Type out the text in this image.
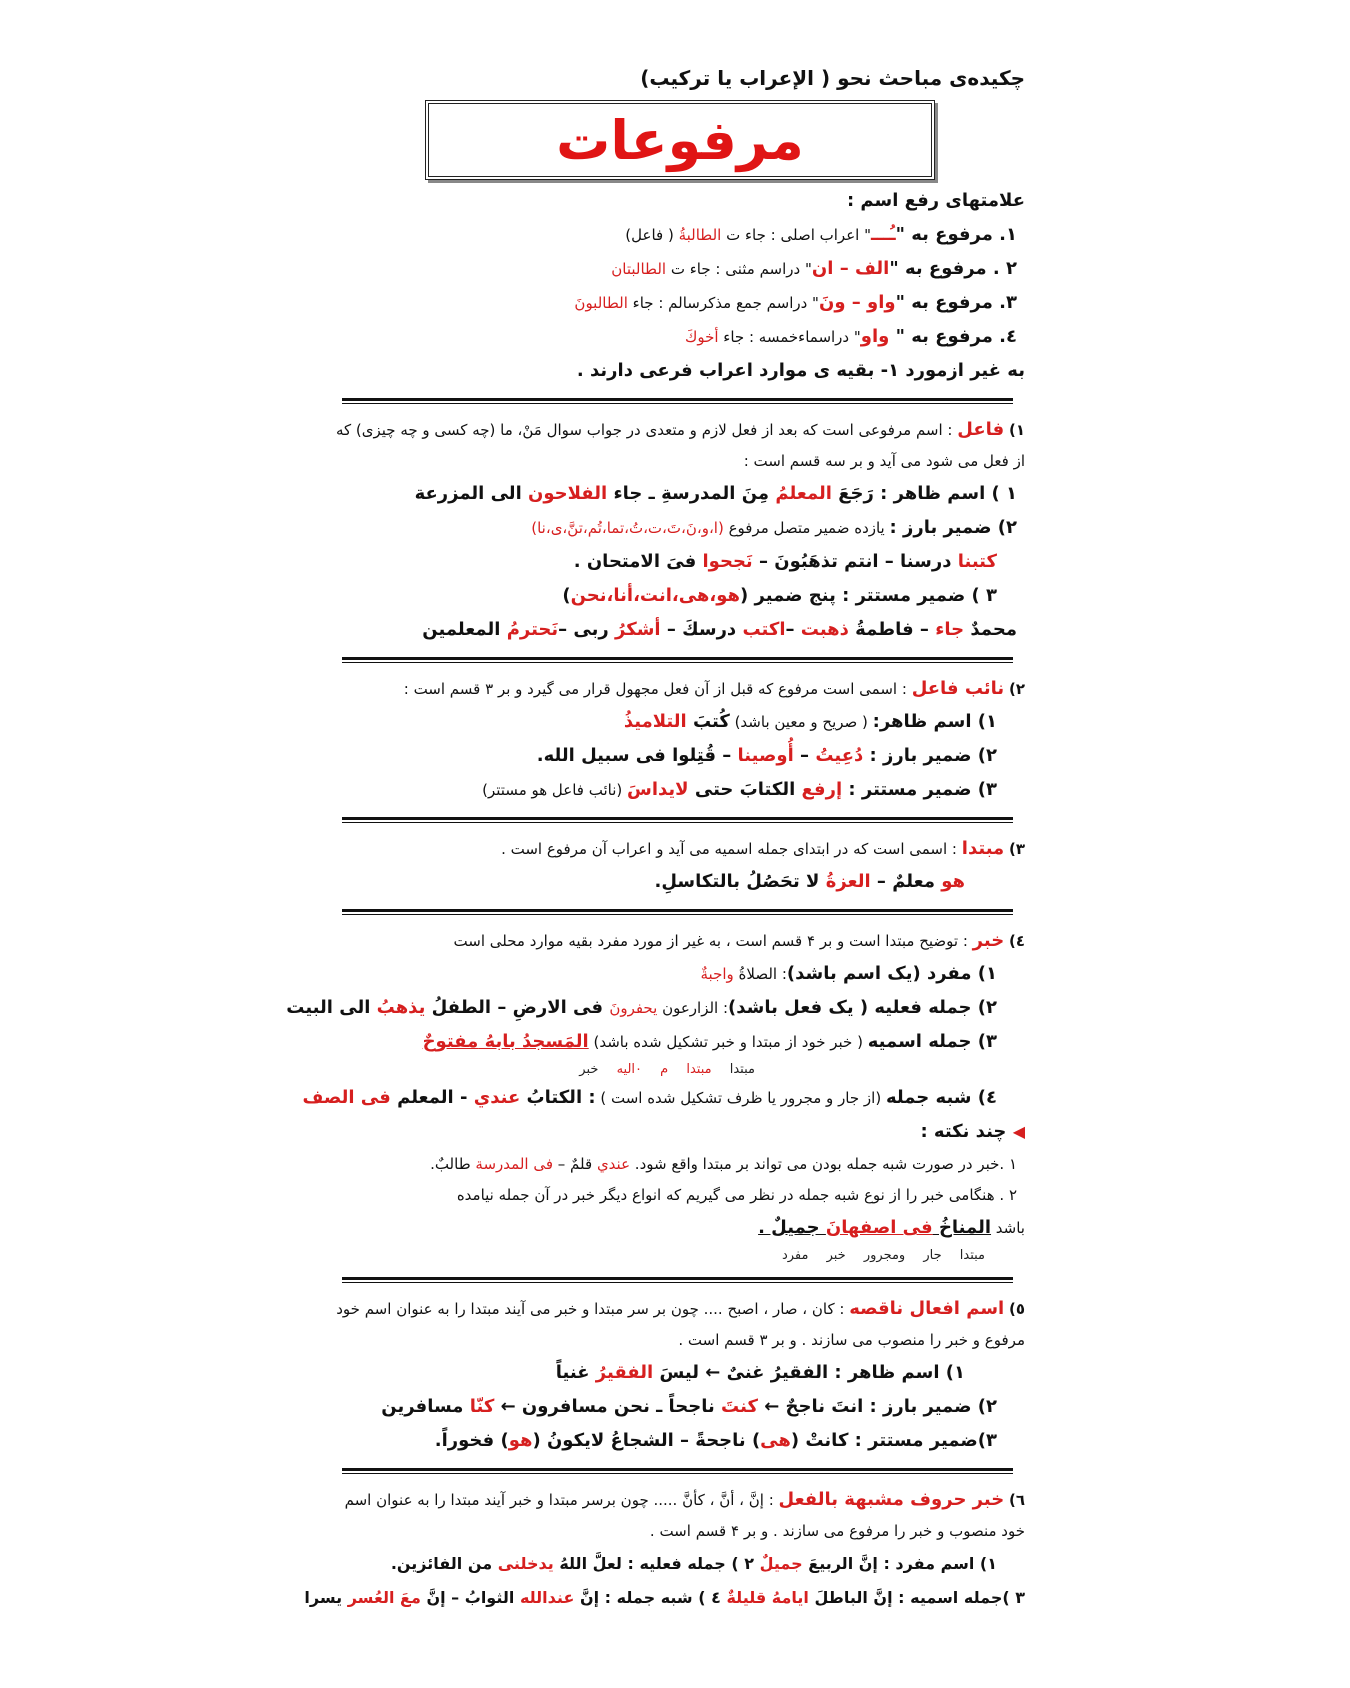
چکیده‌ی مباحث نحو ( الإعراب یا ترکیب)
مرفوعات
علامتهای رفع اسم :
١. مرفوع به "ـُـــ" اعراب اصلی : جاء ت الطالبةُ ( فاعل)
٢ . مرفوع به "الف – ان" دراسم مثنی : جاء ت الطالبتان
٣. مرفوع به "واو – ونَ" دراسم جمع مذکرسالم : جاء الطالبونَ
٤. مرفوع به " واو" دراسماءخمسه : جاء أخوكَ
به غیر ازمورد ١- بقیه ی موارد اعراب فرعی دارند .
١) فاعل : اسم مرفوعی است که بعد از فعل لازم و متعدی در جواب سوال مَنْ، ما (چه کسی و چه چیزی) که از فعل می شود می آید و بر سه قسم است :
١ ) اسم ظاهر : رَجَعَ المعلمُ مِنَ المدرسةِ ـ جاء الفلاحون الی المزرعة
٢) ضمیر بارز : یازده ضمیر متصل مرفوع (ا،و،نَ،تَ،ت،تُ،تما،تُم،تنَّ،ی،نا)
كتبنا درسنا – انتم تذهَبُونَ – نَجحوا فیَ الامتحان .
٣ ) ضمیر مستتر : پنج ضمیر (هو،هی،انت،أنا،نحن)
محمدٌ جاء – فاطمةُ ذهبت –اكتب درسكَ – أشكرُ ربی –نَحترمُ المعلمین
٢) نائب فاعل : اسمی است مرفوع که قبل از آن فعل مجهول قرار می گیرد و بر ٣ قسم است :
١) اسم ظاهر: ( صریح و معین باشد) كُتبَ التلامیذُ
٢) ضمیر بارز : دُعِیتُ – أُوصینا – قُتِلوا فی سبیل الله.
٣) ضمیر مستتر : إرفع الكتابَ حتی لایداسَ (نائب فاعل هو مستتر)
٣) مبتدا : اسمی است که در ابتدای جمله اسمیه می آید و اعراب آن مرفوع است .
هو معلمٌ – العزةُ لا تحَصُلُ بالتكاسلِ.
٤) خبر : توضیح مبتدا است و بر ۴ قسم است ، به غیر از مورد مفرد بقیه موارد محلی است
١) مفرد (یک اسم باشد): الصلاةُ واجبةٌ
٢) جمله فعلیه ( یک فعل باشد): الزارعون یحفرونَ فی الارضِ – الطفلُ یذهبُ الی البیت
٣) جمله اسمیه ( خبر خود از مبتدا و خبر تشکیل شده باشد) المَسجدُ بابهُ مفتوحٌ
مبتدا مبتدا م ٠الیه خبر
٤) شبه جمله (از جار و مجرور یا ظرف تشکیل شده است ) : الكتابُ عندي - المعلم فی الصف
◀ چند نکته :
١ .خبر در صورت شبه جمله بودن می تواند بر مبتدا واقع شود. عندي قلمٌ – فی المدرسة طالبٌ.
٢ . هنگامی خبر را از نوع شبه جمله در نظر می گیریم که انواع دیگر خبر در آن جمله نیامده
باشد المناخُ فی اصفهانَ جمیلٌ .
مبتدا جار ومجرور خبر مفرد
٥) اسم افعال ناقصه : کان ، صار ، اصبح .... چون بر سر مبتدا و خبر می آیند مبتدا را به عنوان اسم خود مرفوع و خبر را منصوب می سازند . و بر ٣ قسم است .
١) اسم ظاهر : الفقیرُ غنیٌ ← لیسَ الفقیرُ غنیاً
٢) ضمیر بارز : انتَ ناجحٌ ← كنتَ ناجحاً ـ نحن مسافرون ← كنّا مسافرین
٣)ضمیر مستتر : كانتْ (هی) ناجحةً – الشجاعُ لایكونُ (هو) فخوراً.
٦) خبر حروف مشبهة بالفعل : إنَّ ، أنَّ ، كأنَّ ..... چون برسر مبتدا و خبر آیند مبتدا را به عنوان اسم خود منصوب و خبر را مرفوع می سازند . و بر ۴ قسم است .
١) اسم مفرد : إنَّ الربیعَ جمیلٌ ٢ ) جمله فعلیه : لعلَّ اللهُ یدخلنی من الفائزین.
٣ )جمله اسمیه : إنَّ الباطلَ ایامهُ قلیلةٌ ٤ ) شبه جمله : إنَّ عندالله الثوابُ – إنَّ معَ العُسر یسرا
